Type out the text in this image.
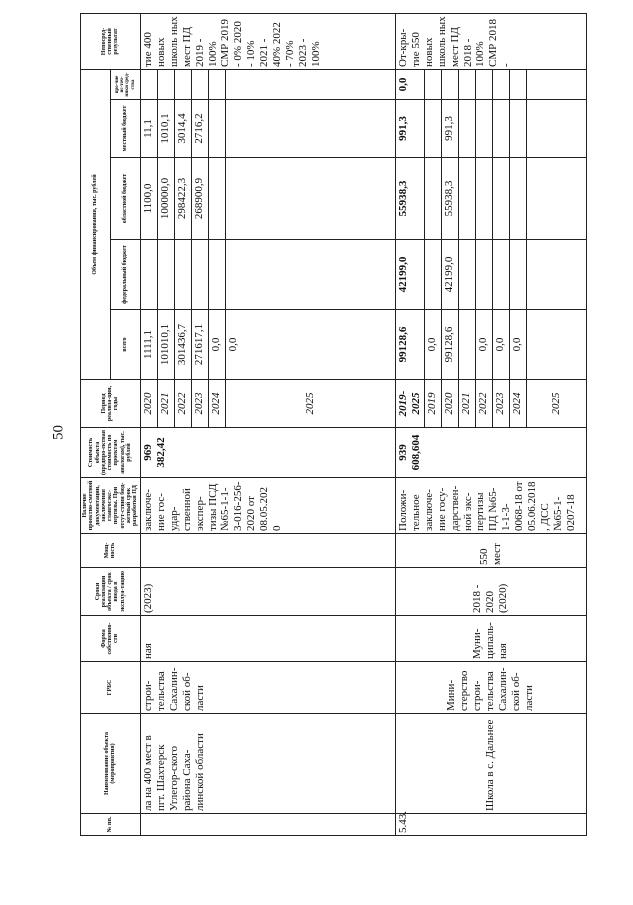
50
№ пп.	Наименование объекта (мероприятия)	ГРБС	Форма собственно-сти	Сроки реализации объекта / срок ввода в эксплуа-тацию	Мощ-ность	Наличие проектно-сметной документации, заключения главгосэкс-пертизы. При отсут-ствии бюд-жетный срок разработки ПД	Стоимость объекта (предпро-ектная стоимость по проектам аналогам), тыс. рублей	Период реализа-ции, годы	Объем финансирования, тыс. рублей					Непосред-ственный результат
									всего	федеральный бюджет	областной бюджет	местный бюджет	про-чие ис-точ-ники сред-ства	
	ла на 400 мест в пгт. Шахтерск Углегор-ского района Саха-линской области	строи-тельства Сахалин-ской об-ласти	ная	(2023)		заключе-ние гос-удар-ственной экспер-тизы ПСД №65-1-1-3-016-256-2020 от 08.05.202 0	969 382,42	2020	1111,1		1100,0	11,1		тие 400 новых школь ных мест ПД 2019 - 100% СМР 2019 - 0% 2020 - 10% 2021 - 40% 2022 - 70% 2023 - 100%
								2021	101010,1		100000,0	1010,1		
								2022	301436,7		298422,3	3014,4		
								2023	271617,1		268900,9	2716,2		
								2024	0,0					
								2025	0,0					
5.43.	Школа в с. Дальнее	Мини-стерство строи-тельства Сахалин-ской об-ласти	Муни-ципаль-ная	2018 - 2020 (2020)	550 мест	Положи-тельное заключе-ние госу-дарствен-ной экс-пертизы ПД №65-1-1-3-0068-18 от 05.06.2018 , ДСС №65-1-0207-18	939 608,604	2019-2025	99128,6	42199,0	55938,3	991,3	0,0	От-кры-тие 550 новых школь ных мест ПД 2018 - 100% СМР 2018 -
								2019	0,0					
								2020	99128,6	42199,0	55938,3	991,3		
								2021						
								2022	0,0					
								2023	0,0					
								2024	0,0					
								2025						
